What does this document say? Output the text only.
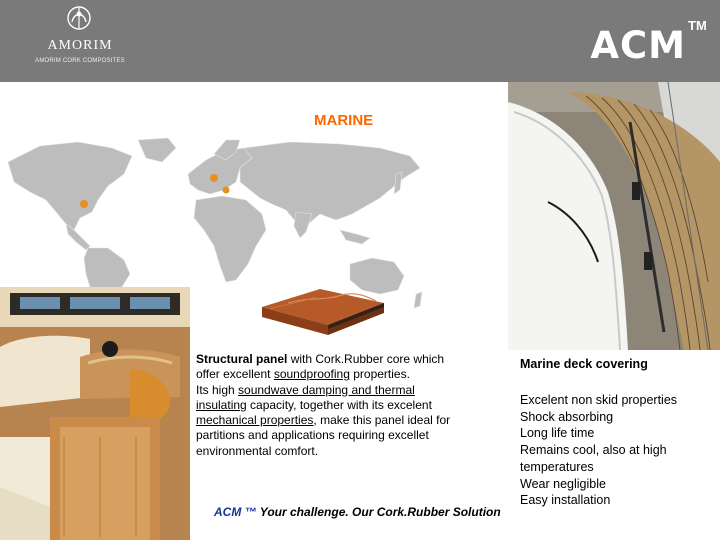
AMORIM
AMORIM CORK COMPOSITES	ACM TM
MARINE
Structural panel with Cork.Rubber core which offer excellent soundproofing properties.
Its high soundwave damping and thermal insulating capacity, together with its excelent mechanical properties, make this panel ideal for partitions and applications requiring excellet environmental comfort.
Marine deck covering
Excelent non skid properties
Shock absorbing
Long life time
Remains cool, also at high
temperatures
Wear negligible
Easy installation
ACM ™ Your challenge. Our Cork.Rubber Solution
